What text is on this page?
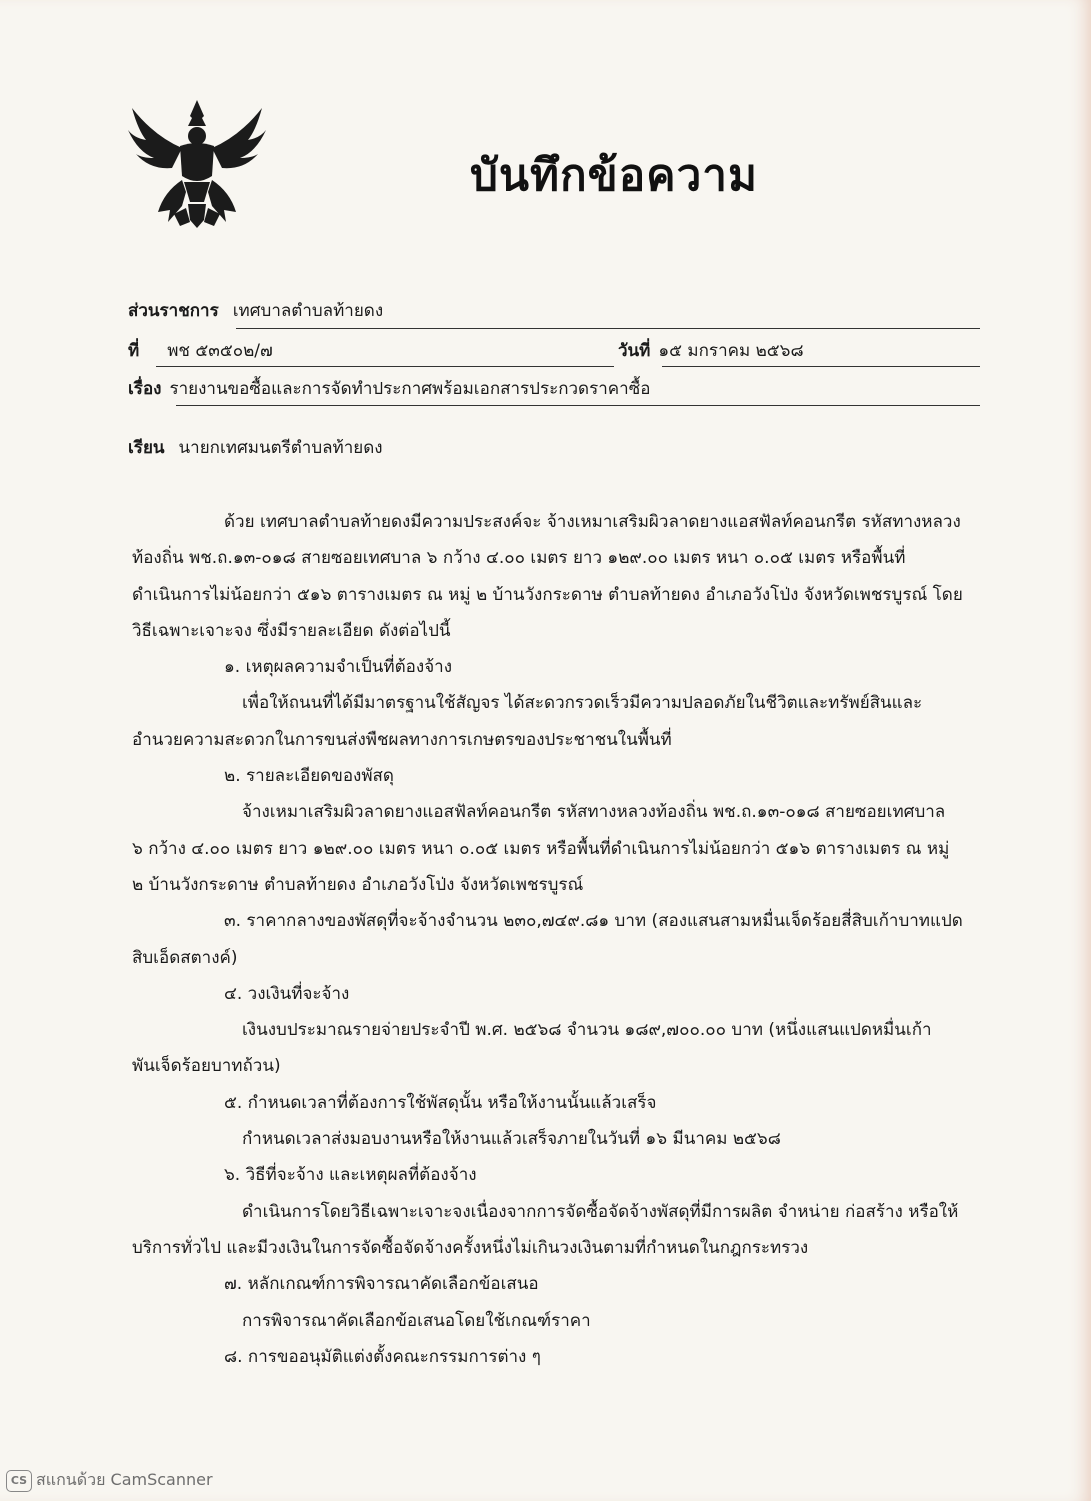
บันทึกข้อความ
ส่วนราชการ เทศบาลตำบลท้ายดง
ที่ พช ๕๓๕๐๒/๗	วันที่ ๑๕ มกราคม ๒๕๖๘
เรื่อง รายงานขอซื้อและการจัดทำประกาศพร้อมเอกสารประกวดราคาซื้อ
เรียน นายกเทศมนตรีตำบลท้ายดง
ด้วย เทศบาลตำบลท้ายดงมีความประสงค์จะ จ้างเหมาเสริมผิวลาดยางแอสฟัลท์คอนกรีต รหัสทางหลวง
ท้องถิ่น พช.ถ.๑๓-๐๑๘ สายซอยเทศบาล ๖ กว้าง ๔.๐๐ เมตร ยาว ๑๒๙.๐๐ เมตร หนา ๐.๐๕ เมตร หรือพื้นที่
ดำเนินการไม่น้อยกว่า ๕๑๖ ตารางเมตร ณ หมู่ ๒ บ้านวังกระดาษ ตำบลท้ายดง อำเภอวังโป่ง จังหวัดเพชรบูรณ์ โดย
วิธีเฉพาะเจาะจง ซึ่งมีรายละเอียด ดังต่อไปนี้
๑. เหตุผลความจำเป็นที่ต้องจ้าง
เพื่อให้ถนนที่ได้มีมาตรฐานใช้สัญจร ได้สะดวกรวดเร็วมีความปลอดภัยในชีวิตและทรัพย์สินและ
อำนวยความสะดวกในการขนส่งพืชผลทางการเกษตรของประชาชนในพื้นที่
๒. รายละเอียดของพัสดุ
จ้างเหมาเสริมผิวลาดยางแอสฟัลท์คอนกรีต รหัสทางหลวงท้องถิ่น พช.ถ.๑๓-๐๑๘ สายซอยเทศบาล
๖ กว้าง ๔.๐๐ เมตร ยาว ๑๒๙.๐๐ เมตร หนา ๐.๐๕ เมตร หรือพื้นที่ดำเนินการไม่น้อยกว่า ๕๑๖ ตารางเมตร ณ หมู่
๒ บ้านวังกระดาษ ตำบลท้ายดง อำเภอวังโป่ง จังหวัดเพชรบูรณ์
๓. ราคากลางของพัสดุที่จะจ้างจำนวน ๒๓๐,๗๔๙.๘๑ บาท (สองแสนสามหมื่นเจ็ดร้อยสี่สิบเก้าบาทแปด
สิบเอ็ดสตางค์)
๔. วงเงินที่จะจ้าง
เงินงบประมาณรายจ่ายประจำปี พ.ศ. ๒๕๖๘ จำนวน ๑๘๙,๗๐๐.๐๐ บาท (หนึ่งแสนแปดหมื่นเก้า
พันเจ็ดร้อยบาทถ้วน)
๕. กำหนดเวลาที่ต้องการใช้พัสดุนั้น หรือให้งานนั้นแล้วเสร็จ
กำหนดเวลาส่งมอบงานหรือให้งานแล้วเสร็จภายในวันที่ ๑๖ มีนาคม ๒๕๖๘
๖. วิธีที่จะจ้าง และเหตุผลที่ต้องจ้าง
ดำเนินการโดยวิธีเฉพาะเจาะจงเนื่องจากการจัดซื้อจัดจ้างพัสดุที่มีการผลิต จำหน่าย ก่อสร้าง หรือให้
บริการทั่วไป และมีวงเงินในการจัดซื้อจัดจ้างครั้งหนึ่งไม่เกินวงเงินตามที่กำหนดในกฎกระทรวง
๗. หลักเกณฑ์การพิจารณาคัดเลือกข้อเสนอ
การพิจารณาคัดเลือกข้อเสนอโดยใช้เกณฑ์ราคา
๘. การขออนุมัติแต่งตั้งคณะกรรมการต่าง ๆ
CS สแกนด้วย CamScanner
